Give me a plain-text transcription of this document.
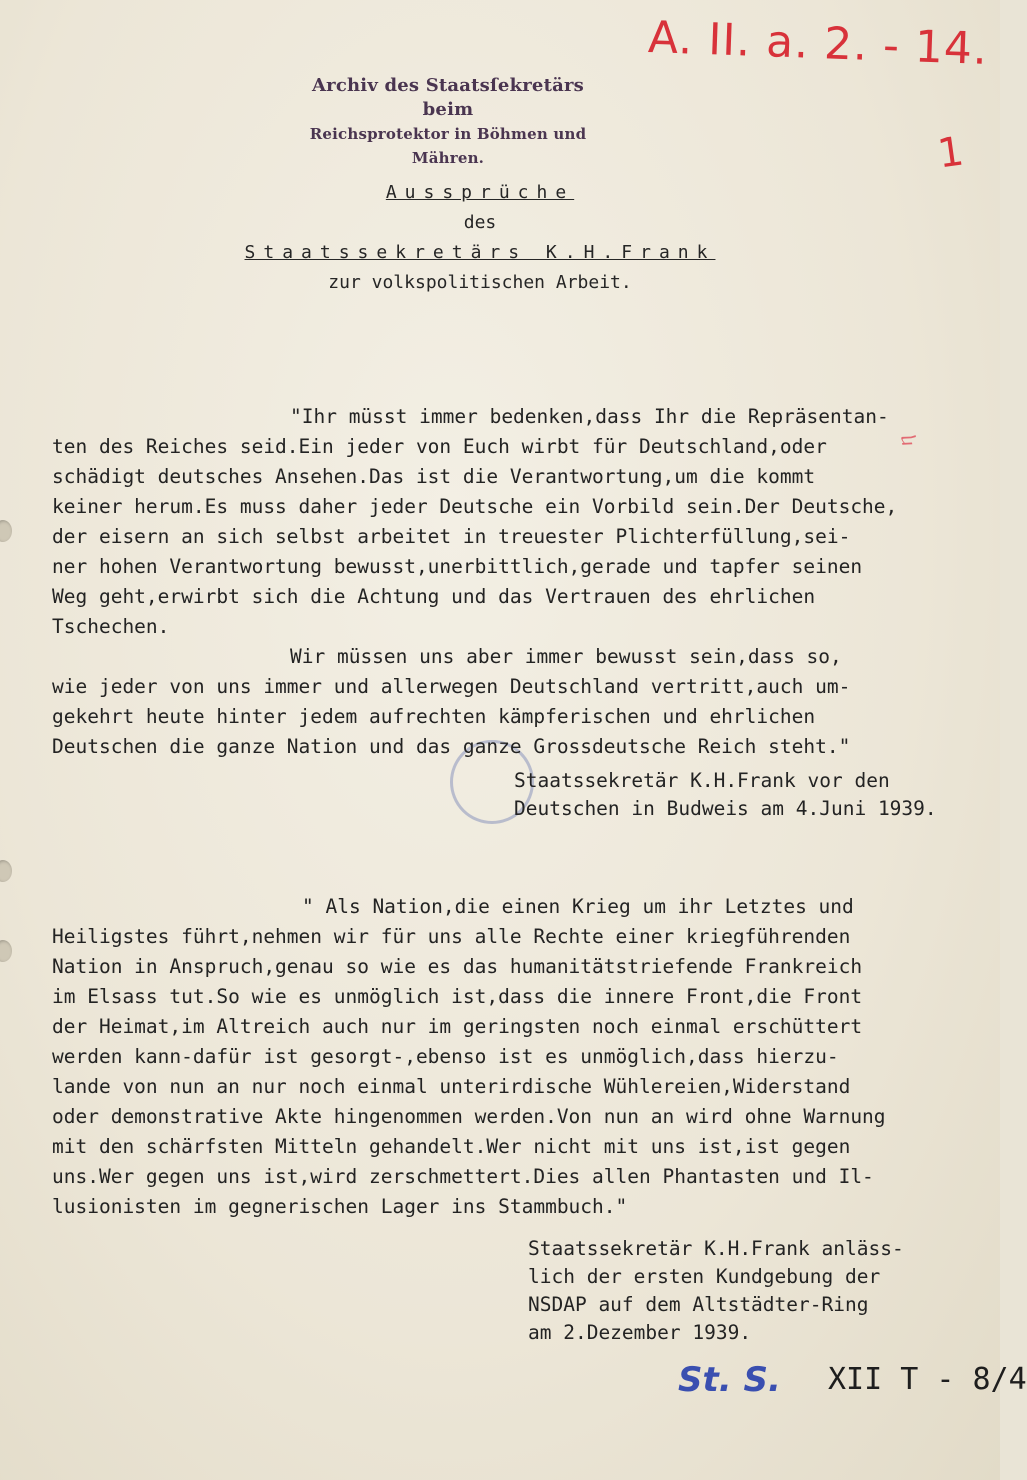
Archiv des Staatsſekretärs beim
Reichsprotektor in Böhmen und Mähren.
A. II. a. 2. - 14.
1
Aussprüche
des
Staatssekretärs K.H.Frank
zur volkspolitischen Arbeit.
"Ihr müsst immer bedenken,dass Ihr die Repräsentan-
ten des Reiches seid.Ein jeder von Euch wirbt für Deutschland,oder
schädigt deutsches Ansehen.Das ist die Verantwortung,um die kommt
keiner herum.Es muss daher jeder Deutsche ein Vorbild sein.Der Deutsche,
der eisern an sich selbst arbeitet in treuester Plichterfüllung,sei-
ner hohen Verantwortung bewusst,unerbittlich,gerade und tapfer seinen
Weg geht,erwirbt sich die Achtung und das Vertrauen des ehrlichen
Tschechen.
Wir müssen uns aber immer bewusst sein,dass so,
wie jeder von uns immer und allerwegen Deutschland vertritt,auch um-
gekehrt heute hinter jedem aufrechten kämpferischen und ehrlichen
Deutschen die ganze Nation und das ganze Grossdeutsche Reich steht."
Staatssekretär K.H.Frank vor den
Deutschen in Budweis am 4.Juni 1939.
ⴑ
" Als Nation,die einen Krieg um ihr Letztes und
Heiligstes führt,nehmen wir für uns alle Rechte einer kriegführenden
Nation in Anspruch,genau so wie es das humanitätstriefende Frankreich
im Elsass tut.So wie es unmöglich ist,dass die innere Front,die Front
der Heimat,im Altreich auch nur im geringsten noch einmal erschüttert
werden kann-dafür ist gesorgt-,ebenso ist es unmöglich,dass hierzu-
lande von nun an nur noch einmal unterirdische Wühlereien,Widerstand
oder demonstrative Akte hingenommen werden.Von nun an wird ohne Warnung
mit den schärfsten Mitteln gehandelt.Wer nicht mit uns ist,ist gegen
uns.Wer gegen uns ist,wird zerschmettert.Dies allen Phantasten und Il-
lusionisten im gegnerischen Lager ins Stammbuch."
Staatssekretär K.H.Frank anläss-
lich der ersten Kundgebung der
NSDAP auf dem Altstädter-Ring
am 2.Dezember 1939.
St. S. XII T - 8/4
